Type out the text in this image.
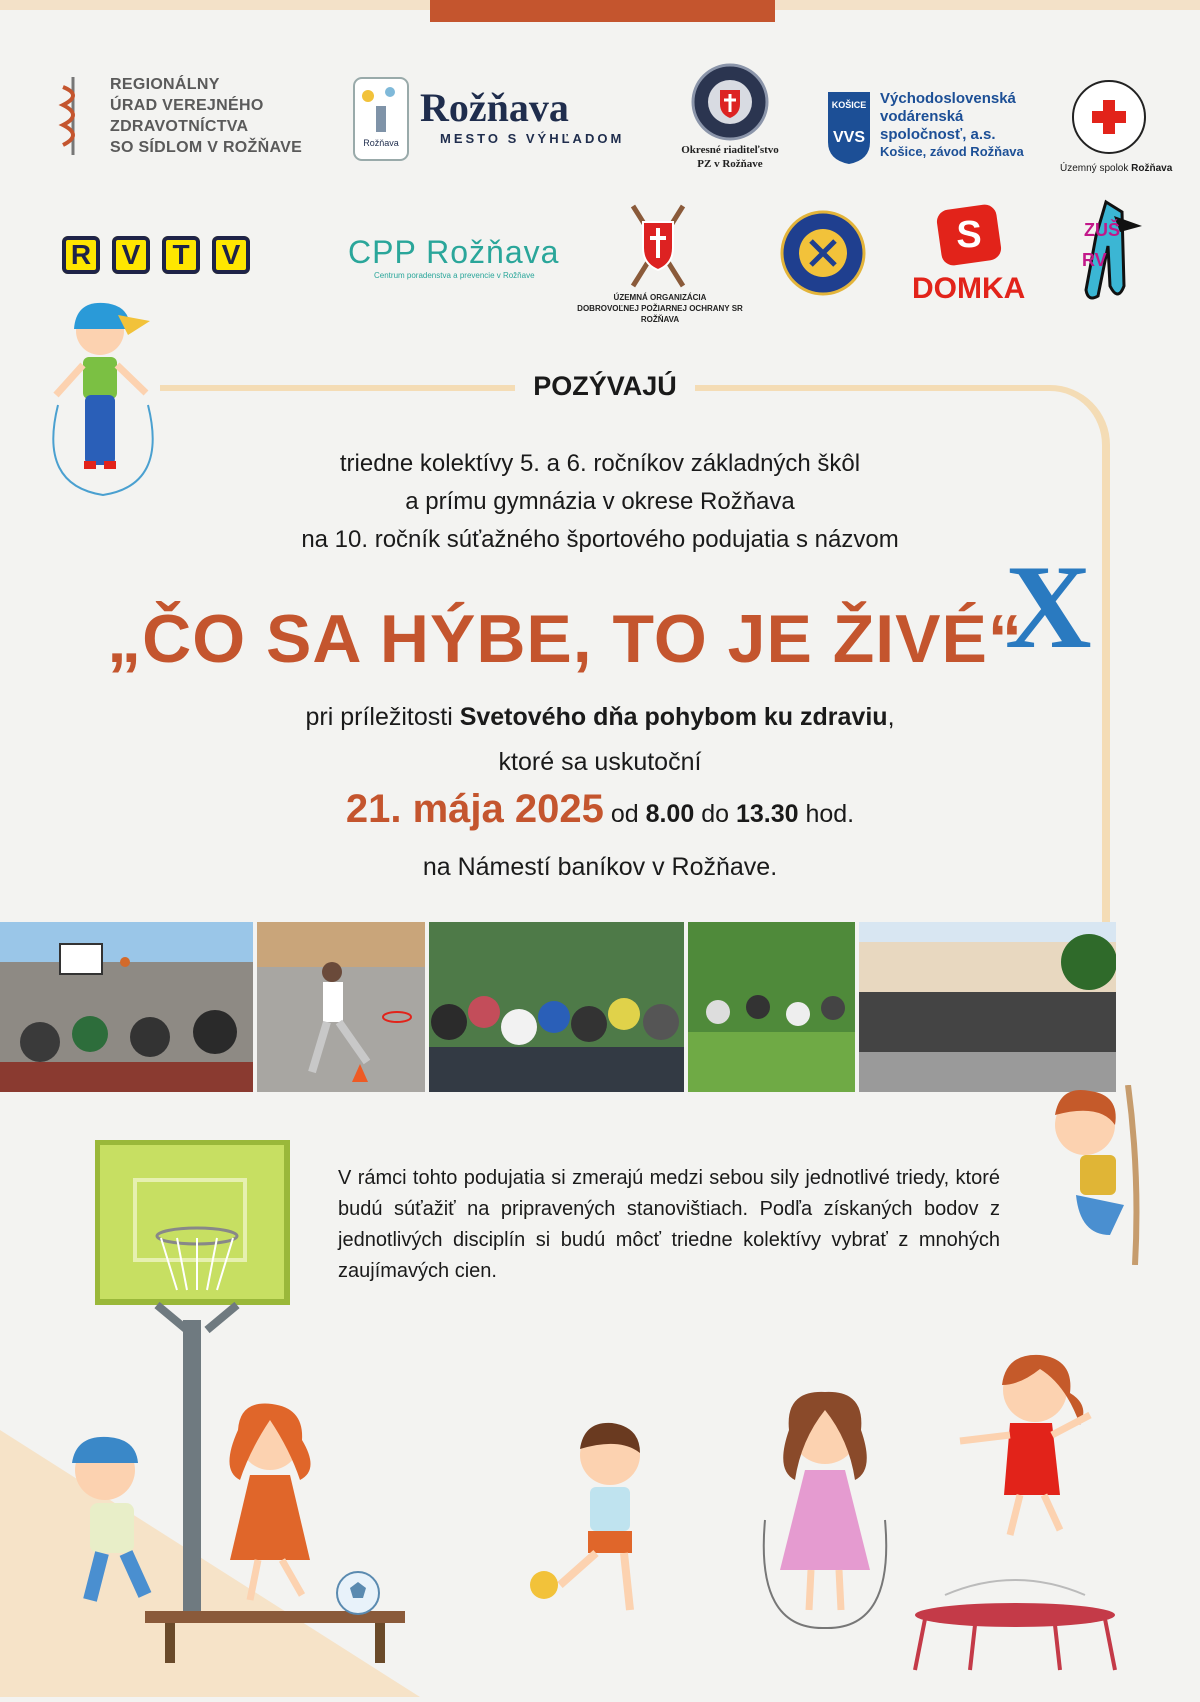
REGIONÁLNY
ÚRAD VEREJNÉHO
ZDRAVOTNÍCTVA
SO SÍDLOM V ROŽŇAVE	Rožňava
Rožňava
MESTO S VÝHĽADOM
Okresné riaditeľstvo
PZ v Rožňave
KOŠICE
VVS
Východoslovenská
vodárenská
spoločnosť, a.s.
Košice, závod Rožňava
Územný spolok Rožňava
R	V	T	V	CPP Rožňava
Centrum poradenstva a prevencie v Rožňave
ÚZEMNÁ ORGANIZÁCIA
DOBROVOĽNEJ POŽIARNEJ OCHRANY SR
ROŽŇAVA
S
DOMKA
ZUŠ
RV
POZÝVAJÚ
triedne kolektívy 5. a 6. ročníkov základných škôl
a prímu gymnázia v okrese Rožňava
na 10. ročník súťažného športového podujatia s názvom
„ČO SA HÝBE, TO JE ŽIVÉ“
X
pri príležitosti Svetového dňa pohybom ku zdraviu,
ktoré sa uskutoční
21. mája 2025 od 8.00 do 13.30 hod.
na Námestí baníkov v Rožňave.
V rámci tohto podujatia si zmerajú medzi sebou sily jednotlivé triedy, ktoré budú súťažiť na pripravených stanovištiach. Podľa získaných bodov z jednotlivých disciplín si budú môcť triedne kolektívy vybrať z mnohých zaujímavých cien.
